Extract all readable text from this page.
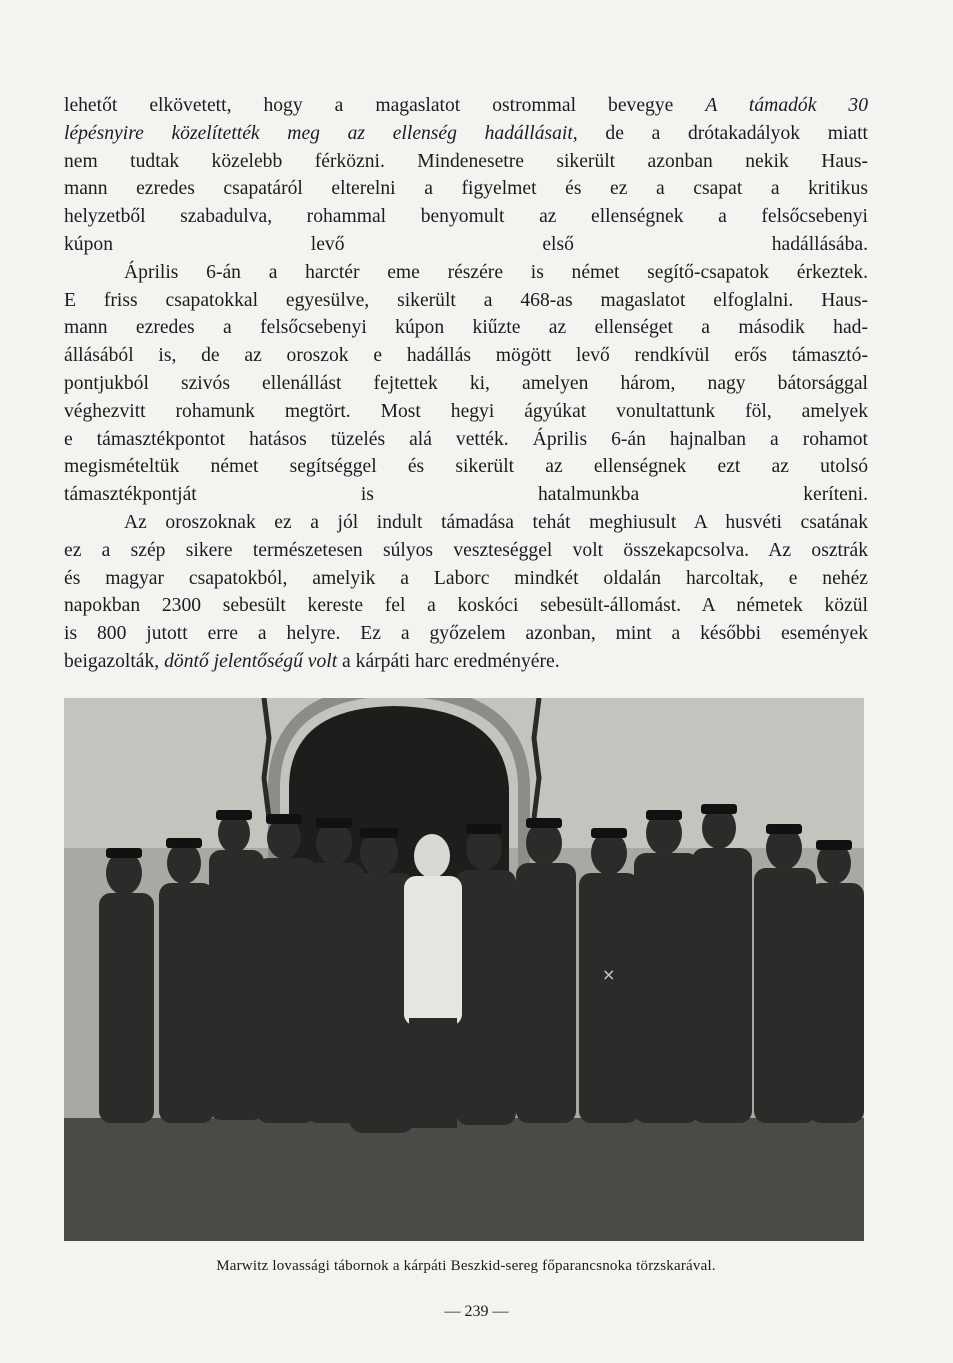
lehetőt elkövetett, hogy a magaslatot ostrommal bevegye A támadók 30
lépésnyire közelítették meg az ellenség hadállásait, de a drótakadályok miatt
nem tudtak közelebb férközni. Mindenesetre sikerült azonban nekik Haus-
mann ezredes csapatáról elterelni a figyelmet és ez a csapat a kritikus
helyzetből szabadulva, rohammal benyomult az ellenségnek a felsőcsebenyi
kúpon levő első hadállásába.
Április 6-án a harctér eme részére is német segítő-csapatok érkeztek.
E friss csapatokkal egyesülve, sikerült a 468-as magaslatot elfoglalni. Haus-
mann ezredes a felsőcsebenyi kúpon kiűzte az ellenséget a második had-
állásából is, de az oroszok e hadállás mögött levő rendkívül erős támasztó-
pontjukból szivós ellenállást fejtettek ki, amelyen három, nagy bátorsággal
véghezvitt rohamunk megtört. Most hegyi ágyúkat vonultattunk föl, amelyek
e támasztékpontot hatásos tüzelés alá vették. Április 6-án hajnalban a rohamot
megismételtük német segítséggel és sikerült az ellenségnek ezt az utolsó
támasztékpontját is hatalmunkba keríteni.
Az oroszoknak ez a jól indult támadása tehát meghiusult A husvéti csatának
ez a szép sikere természetesen súlyos veszteséggel volt összekapcsolva. Az osztrák
és magyar csapatokból, amelyik a Laborc mindkét oldalán harcoltak, e nehéz
napokban 2300 sebesült kereste fel a koskóci sebesült-állomást. A németek közül
is 800 jutott erre a helyre. Ez a győzelem azonban, mint a későbbi események
beigazolták, döntő jelentőségű volt a kárpáti harc eredményére.
×
Marwitz lovassági tábornok a kárpáti Beszkid-sereg főparancsnoka törzskarával.
— 239 —
